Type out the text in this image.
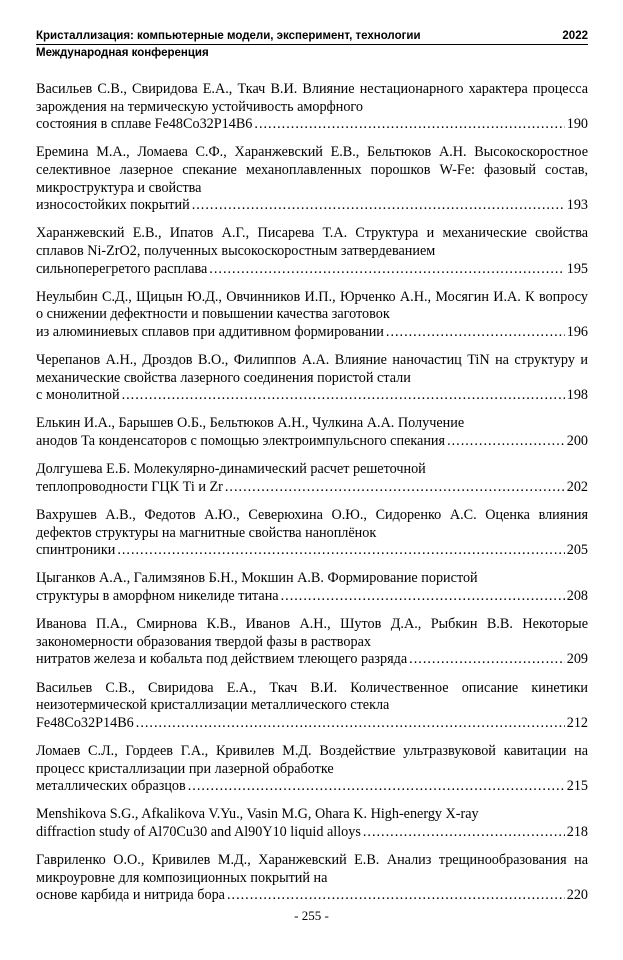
Кристаллизация: компьютерные модели, эксперимент, технологии	2022
Международная конференция
Васильев С.В., Свиридова Е.А., Ткач В.И. Влияние нестационарного характера процесса зарождения на термическую устойчивость аморфного
состояния в сплаве Fe48Co32P14B6 .....	190
Еремина М.А., Ломаева С.Ф., Харанжевский Е.В., Бельтюков А.Н. Высокоскоростное селективное лазерное спекание механоплавленных порошков W-Fe: фазовый состав, микроструктура и свойства
износостойких покрытий .....	193
Харанжевский Е.В., Ипатов А.Г., Писарева Т.А. Структура и механические свойства сплавов Ni-ZrO2, полученных высокоскоростным затвердеванием
сильноперегретого расплава .....	195
Неулыбин С.Д., Щицын Ю.Д., Овчинников И.П., Юрченко А.Н., Мосягин И.А. К вопросу о снижении дефектности и повышении качества заготовок
из алюминиевых сплавов при аддитивном формировании .....	196
Черепанов А.Н., Дроздов В.О., Филиппов А.А. Влияние наночастиц TiN на структуру и механические свойства лазерного соединения пористой стали
с монолитной .....	198
Елькин И.А., Барышев О.Б., Бельтюков А.Н., Чулкина А.А. Получение
анодов Ta конденсаторов с помощью электроимпульсного спекания .....	200
Долгушева Е.Б. Молекулярно-динамический расчет решеточной
теплопроводности ГЦК Ti и Zr .....	202
Вахрушев А.В., Федотов А.Ю., Северюхина О.Ю., Сидоренко А.С. Оценка влияния дефектов структуры на магнитные свойства наноплёнок
спинтроники .....	205
Цыганков А.А., Галимзянов Б.Н., Мокшин А.В. Формирование пористой
структуры в аморфном никелиде титана .....	208
Иванова П.А., Смирнова К.В., Иванов А.Н., Шутов Д.А., Рыбкин В.В. Некоторые закономерности образования твердой фазы в растворах
нитратов железа и кобальта под действием тлеющего разряда .....	209
Васильев С.В., Свиридова Е.А., Ткач В.И. Количественное описание кинетики неизотермической кристаллизации металлического стекла
Fe48Co32P14B6 .....	212
Ломаев С.Л., Гордеев Г.А., Кривилев М.Д. Воздействие ультразвуковой кавитации на процесс кристаллизации при лазерной обработке
металлических образцов .....	215
Menshikova S.G., Afkalikova V.Yu., Vasin M.G, Ohara K. High-energy X-ray
diffraction study of Al70Cu30 and Al90Y10 liquid alloys .....	218
Гавриленко О.О., Кривилев М.Д., Харанжевский Е.В. Анализ трещинообразования на микроуровне для композиционных покрытий на
основе карбида и нитрида бора .....	220
- 255 -
